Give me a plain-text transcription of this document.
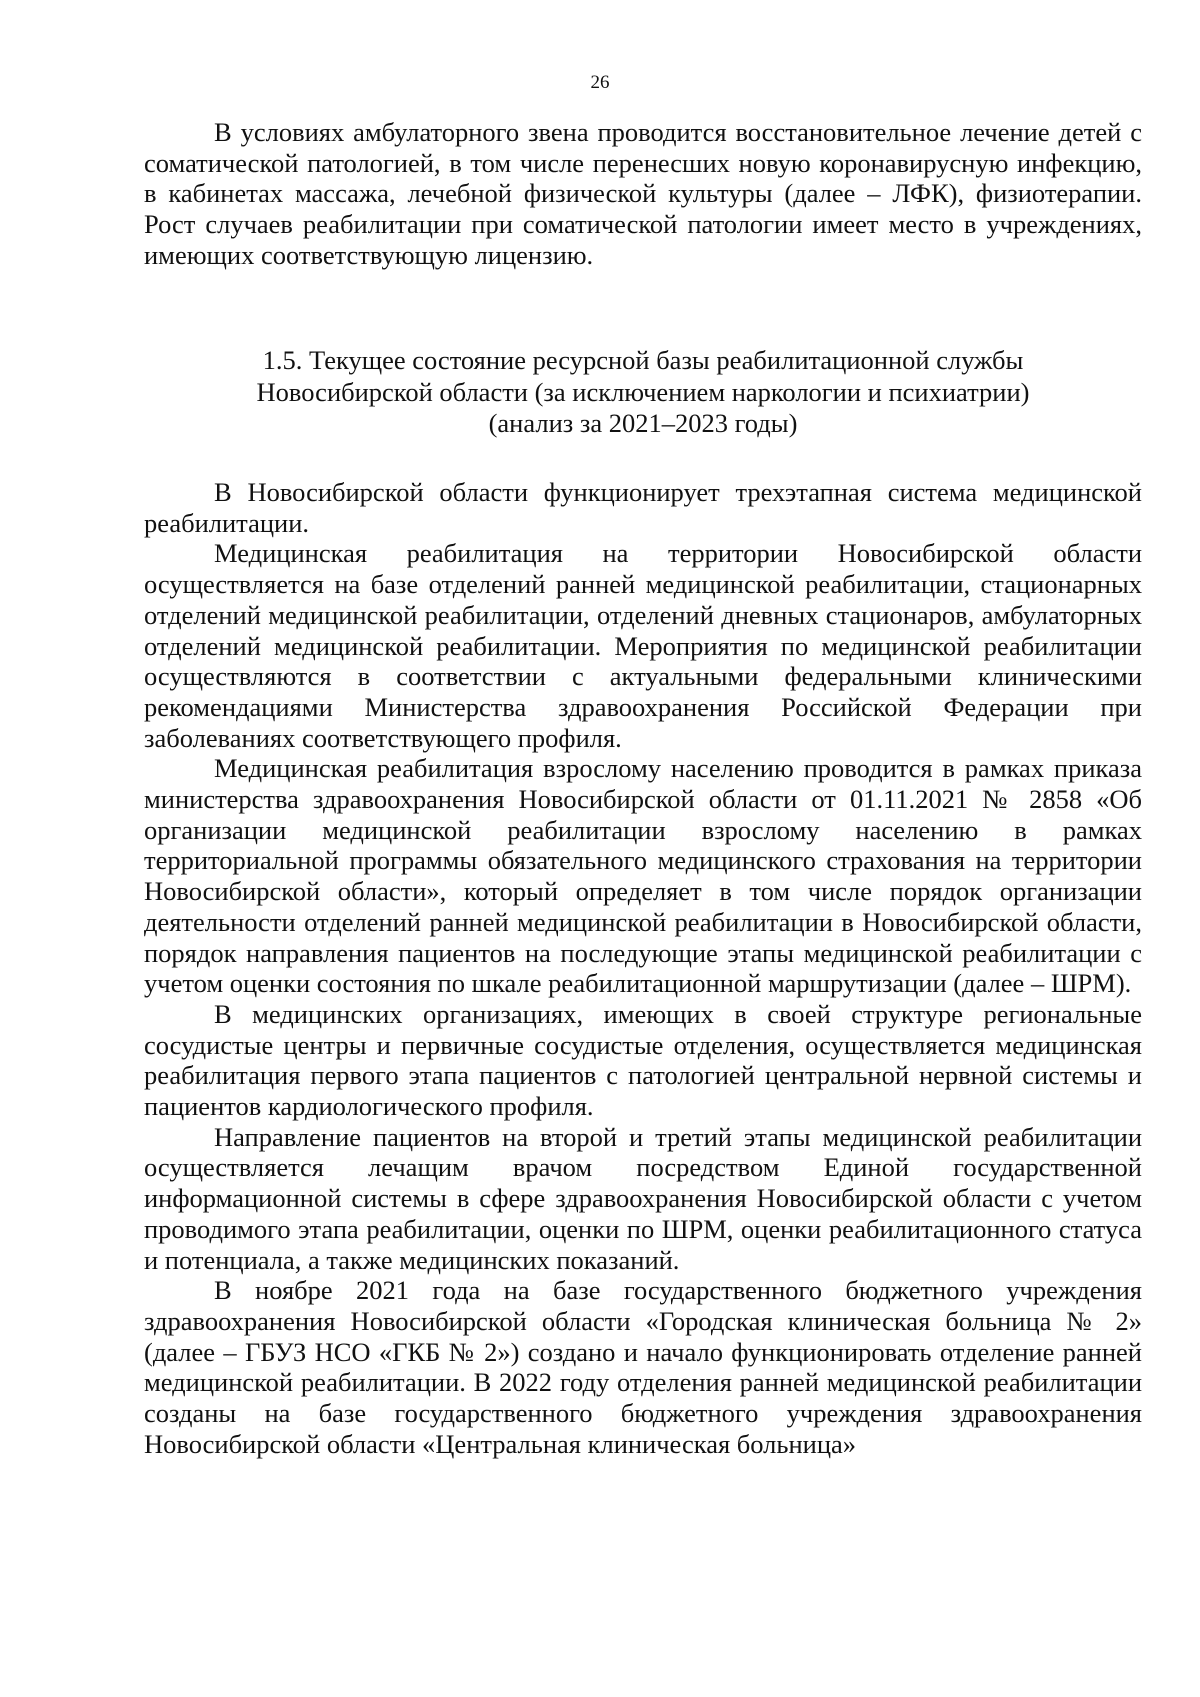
26

В условиях амбулаторного звена проводится восстановительное лечение детей с соматической патологией, в том числе перенесших новую коронавирусную инфекцию, в кабинетах массажа, лечебной физической культуры (далее – ЛФК), физиотерапии. Рост случаев реабилитации при соматической патологии имеет место в учреждениях, имеющих соответствующую лицензию.

1.5. Текущее состояние ресурсной базы реабилитационной службы
Новосибирской области (за исключением наркологии и психиатрии)
(анализ за 2021–2023 годы)

В Новосибирской области функционирует трехэтапная система медицинской реабилитации.

Медицинская реабилитация на территории Новосибирской области осуществляется на базе отделений ранней медицинской реабилитации, стационарных отделений медицинской реабилитации, отделений дневных стационаров, амбулаторных отделений медицинской реабилитации. Мероприятия по медицинской реабилитации осуществляются в соответствии с актуальными федеральными клиническими рекомендациями Министерства здравоохранения Российской Федерации при заболеваниях соответствующего профиля.

Медицинская реабилитация взрослому населению проводится в рамках приказа министерства здравоохранения Новосибирской области от 01.11.2021 № 2858 «Об организации медицинской реабилитации взрослому населению в рамках территориальной программы обязательного медицинского страхования на территории Новосибирской области», который определяет в том числе порядок организации деятельности отделений ранней медицинской реабилитации в Новосибирской области, порядок направления пациентов на последующие этапы медицинской реабилитации с учетом оценки состояния по шкале реабилитационной маршрутизации (далее – ШРМ).

В медицинских организациях, имеющих в своей структуре региональные сосудистые центры и первичные сосудистые отделения, осуществляется медицинская реабилитация первого этапа пациентов с патологией центральной нервной системы и пациентов кардиологического профиля.

Направление пациентов на второй и третий этапы медицинской реабилитации осуществляется лечащим врачом посредством Единой государственной информационной системы в сфере здравоохранения Новосибирской области с учетом проводимого этапа реабилитации, оценки по ШРМ, оценки реабилитационного статуса и потенциала, а также медицинских показаний.

В ноябре 2021 года на базе государственного бюджетного учреждения здравоохранения Новосибирской области «Городская клиническая больница № 2» (далее – ГБУЗ НСО «ГКБ № 2») создано и начало функционировать отделение ранней медицинской реабилитации. В 2022 году отделения ранней медицинской реабилитации созданы на базе государственного бюджетного учреждения здравоохранения Новосибирской области «Центральная клиническая больница»
